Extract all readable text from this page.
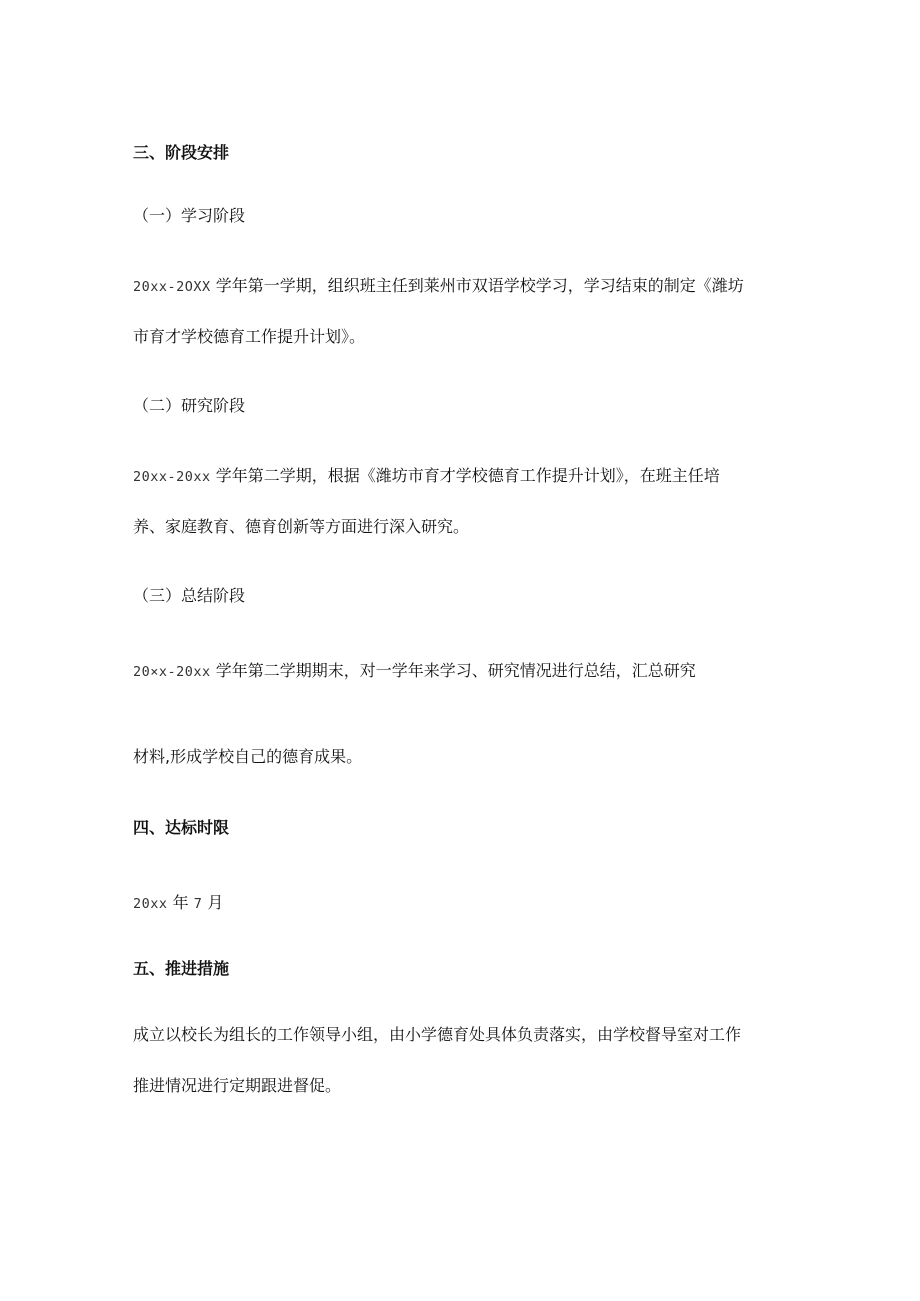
三、阶段安排

（一）学习阶段

20xx-2OXX 学年第一学期，组织班主任到莱州市双语学校学习，学习结束的制定《潍坊

市育才学校德育工作提升计划》。

（二）研究阶段

20xx-20xx 学年第二学期，根据《潍坊市育才学校德育工作提升计划》，在班主任培

养、家庭教育、德育创新等方面进行深入研究。

（三）总结阶段

20×x-20xx 学年第二学期期末，对一学年来学习、研究情况进行总结，汇总研究

材料,形成学校自己的德育成果。

四、达标时限

20xx 年 7 月

五、推进措施

成立以校长为组长的工作领导小组，由小学德育处具体负责落实，由学校督导室对工作

推进情况进行定期跟进督促。
